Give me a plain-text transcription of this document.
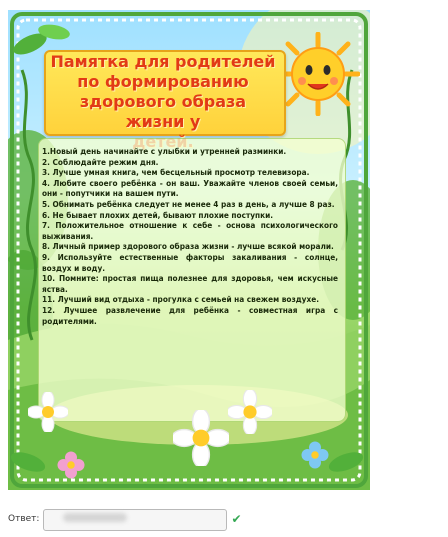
Памятка для родителей
по формированию
здорового образа жизни у

1.Новый день начинайте с улыбки и утренней разминки.
2. Соблюдайте режим дня.
3. Лучше умная книга, чем бесцельный просмотр телевизора.
4. Любите своего ребёнка - он ваш. Уважайте членов своей семьи, они - попутчики на вашем пути.
5. Обнимать ребёнка следует не менее 4 раз в день, а лучше 8 раз.
6. Не бывает плохих детей, бывают плохие поступки.
7. Положительное отношение к себе - основа психологического выживания.
8. Личный пример здорового образа жизни - лучше всякой морали.
9. Используйте естественные факторы закаливания - солнце, воздух и воду.
10. Помните: простая пища полезнее для здоровья, чем искусные яства.
11. Лучший вид отдыха - прогулка с семьей на свежем воздухе.
12. Лучшее развлечение для ребёнка - совместная игра с родителями.
Ответ:	✔
